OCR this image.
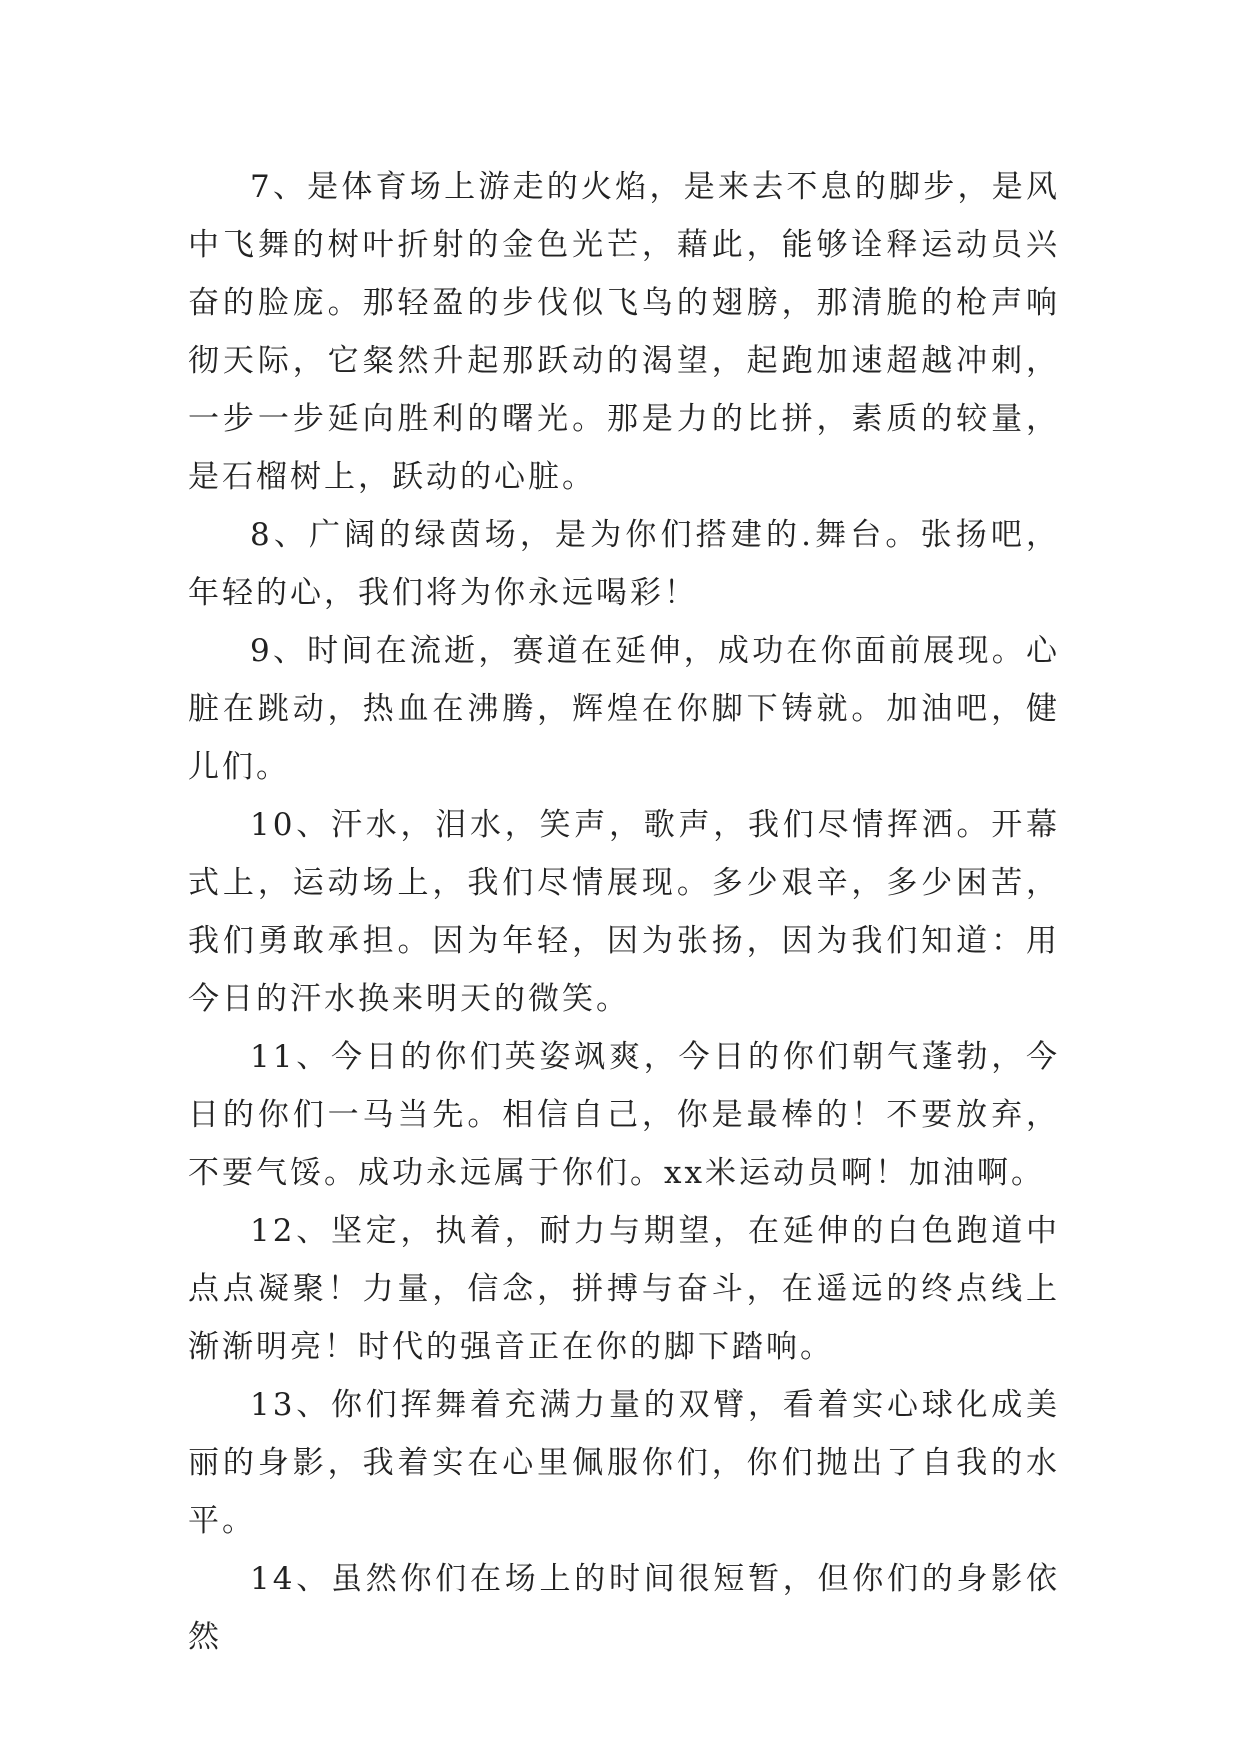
7、是体育场上游走的火焰，是来去不息的脚步，是风中飞舞的树叶折射的金色光芒，藉此，能够诠释运动员兴奋的脸庞。那轻盈的步伐似飞鸟的翅膀，那清脆的枪声响彻天际，它粲然升起那跃动的渴望，起跑加速超越冲刺，一步一步延向胜利的曙光。那是力的比拼，素质的较量，是石榴树上，跃动的心脏。

8、广阔的绿茵场，是为你们搭建的.舞台。张扬吧，年轻的心，我们将为你永远喝彩！

9、时间在流逝，赛道在延伸，成功在你面前展现。心脏在跳动，热血在沸腾，辉煌在你脚下铸就。加油吧，健儿们。

10、汗水，泪水，笑声，歌声，我们尽情挥洒。开幕式上，运动场上，我们尽情展现。多少艰辛，多少困苦，我们勇敢承担。因为年轻，因为张扬，因为我们知道：用今日的汗水换来明天的微笑。

11、今日的你们英姿飒爽，今日的你们朝气蓬勃，今日的你们一马当先。相信自己，你是最棒的！不要放弃，不要气馁。成功永远属于你们。xx米运动员啊！加油啊。

12、坚定，执着，耐力与期望，在延伸的白色跑道中点点凝聚！力量，信念，拼搏与奋斗，在遥远的终点线上渐渐明亮！时代的强音正在你的脚下踏响。

13、你们挥舞着充满力量的双臂，看着实心球化成美丽的身影，我着实在心里佩服你们，你们抛出了自我的水平。

14、虽然你们在场上的时间很短暂，但你们的身影依然
